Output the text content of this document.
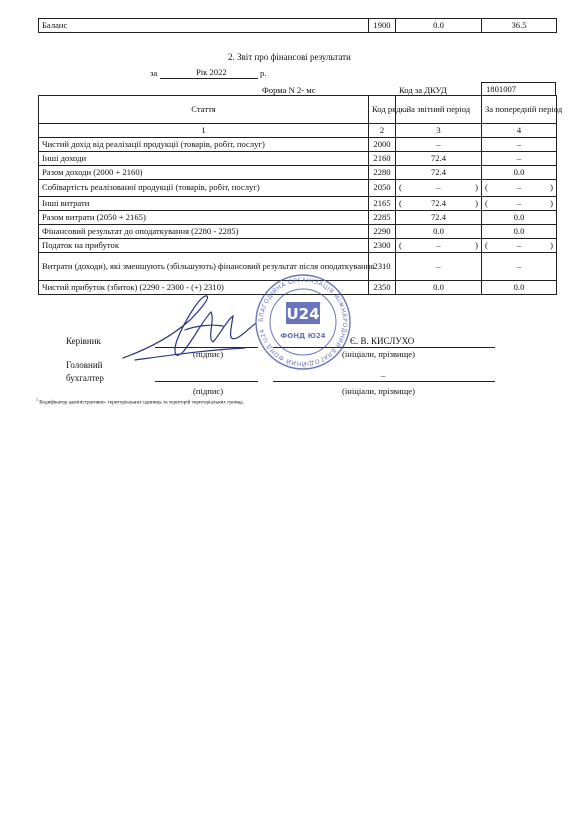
Баланс	1900	0.0	36.5
2. Звіт про фінансові результати
за	Рік 2022	р.
Форма N 2- мс	Код за ДКУД	1801007
Стаття	Код рядка	За звітний період	За попередній період
1	2	3	4
Чистий дохід від реалізації продукції (товарів, робіт, послуг)	2000	–	–
Інші доходи	2160	72.4	–
Разом доходи (2000 + 2160)	2280	72.4	0.0
Собівартість реалізованої продукції (товарів, робіт, послуг)	2050	( – )	( – )

Інші витрати	2165	( 72.4 )	( – )

Разом витрати (2050 + 2165)	2285	72.4	0.0
Фінансовий результат до оподаткування (2280 - 2285)	2290	0.0	0.0
Податок на прибуток	2300	( – )	( – )

Витрати (доходи), які зменшують (збільшують) фінансовий результат після оподаткування	2310	–	–
Чистий прибуток (збиток) (2290 - 2300 - (+) 2310)	2350	0.0	0.0
Керівник	Є. В. КИСЛУХО
(підпис)	(ініціали, прізвище)
Головний
бухгалтер	–
(підпис)	(ініціали, прізвище)
БЛАГОДІЙНА ОРГАНІЗАЦІЯ МІЖНАРОДНИЙ БЛАГОДІЙНИЙ ФОНД U24
U24
ФОНД Ю24
$^1$ Кодифікатор адміністративно- територіальних одиниць та територій територіальних громад.
